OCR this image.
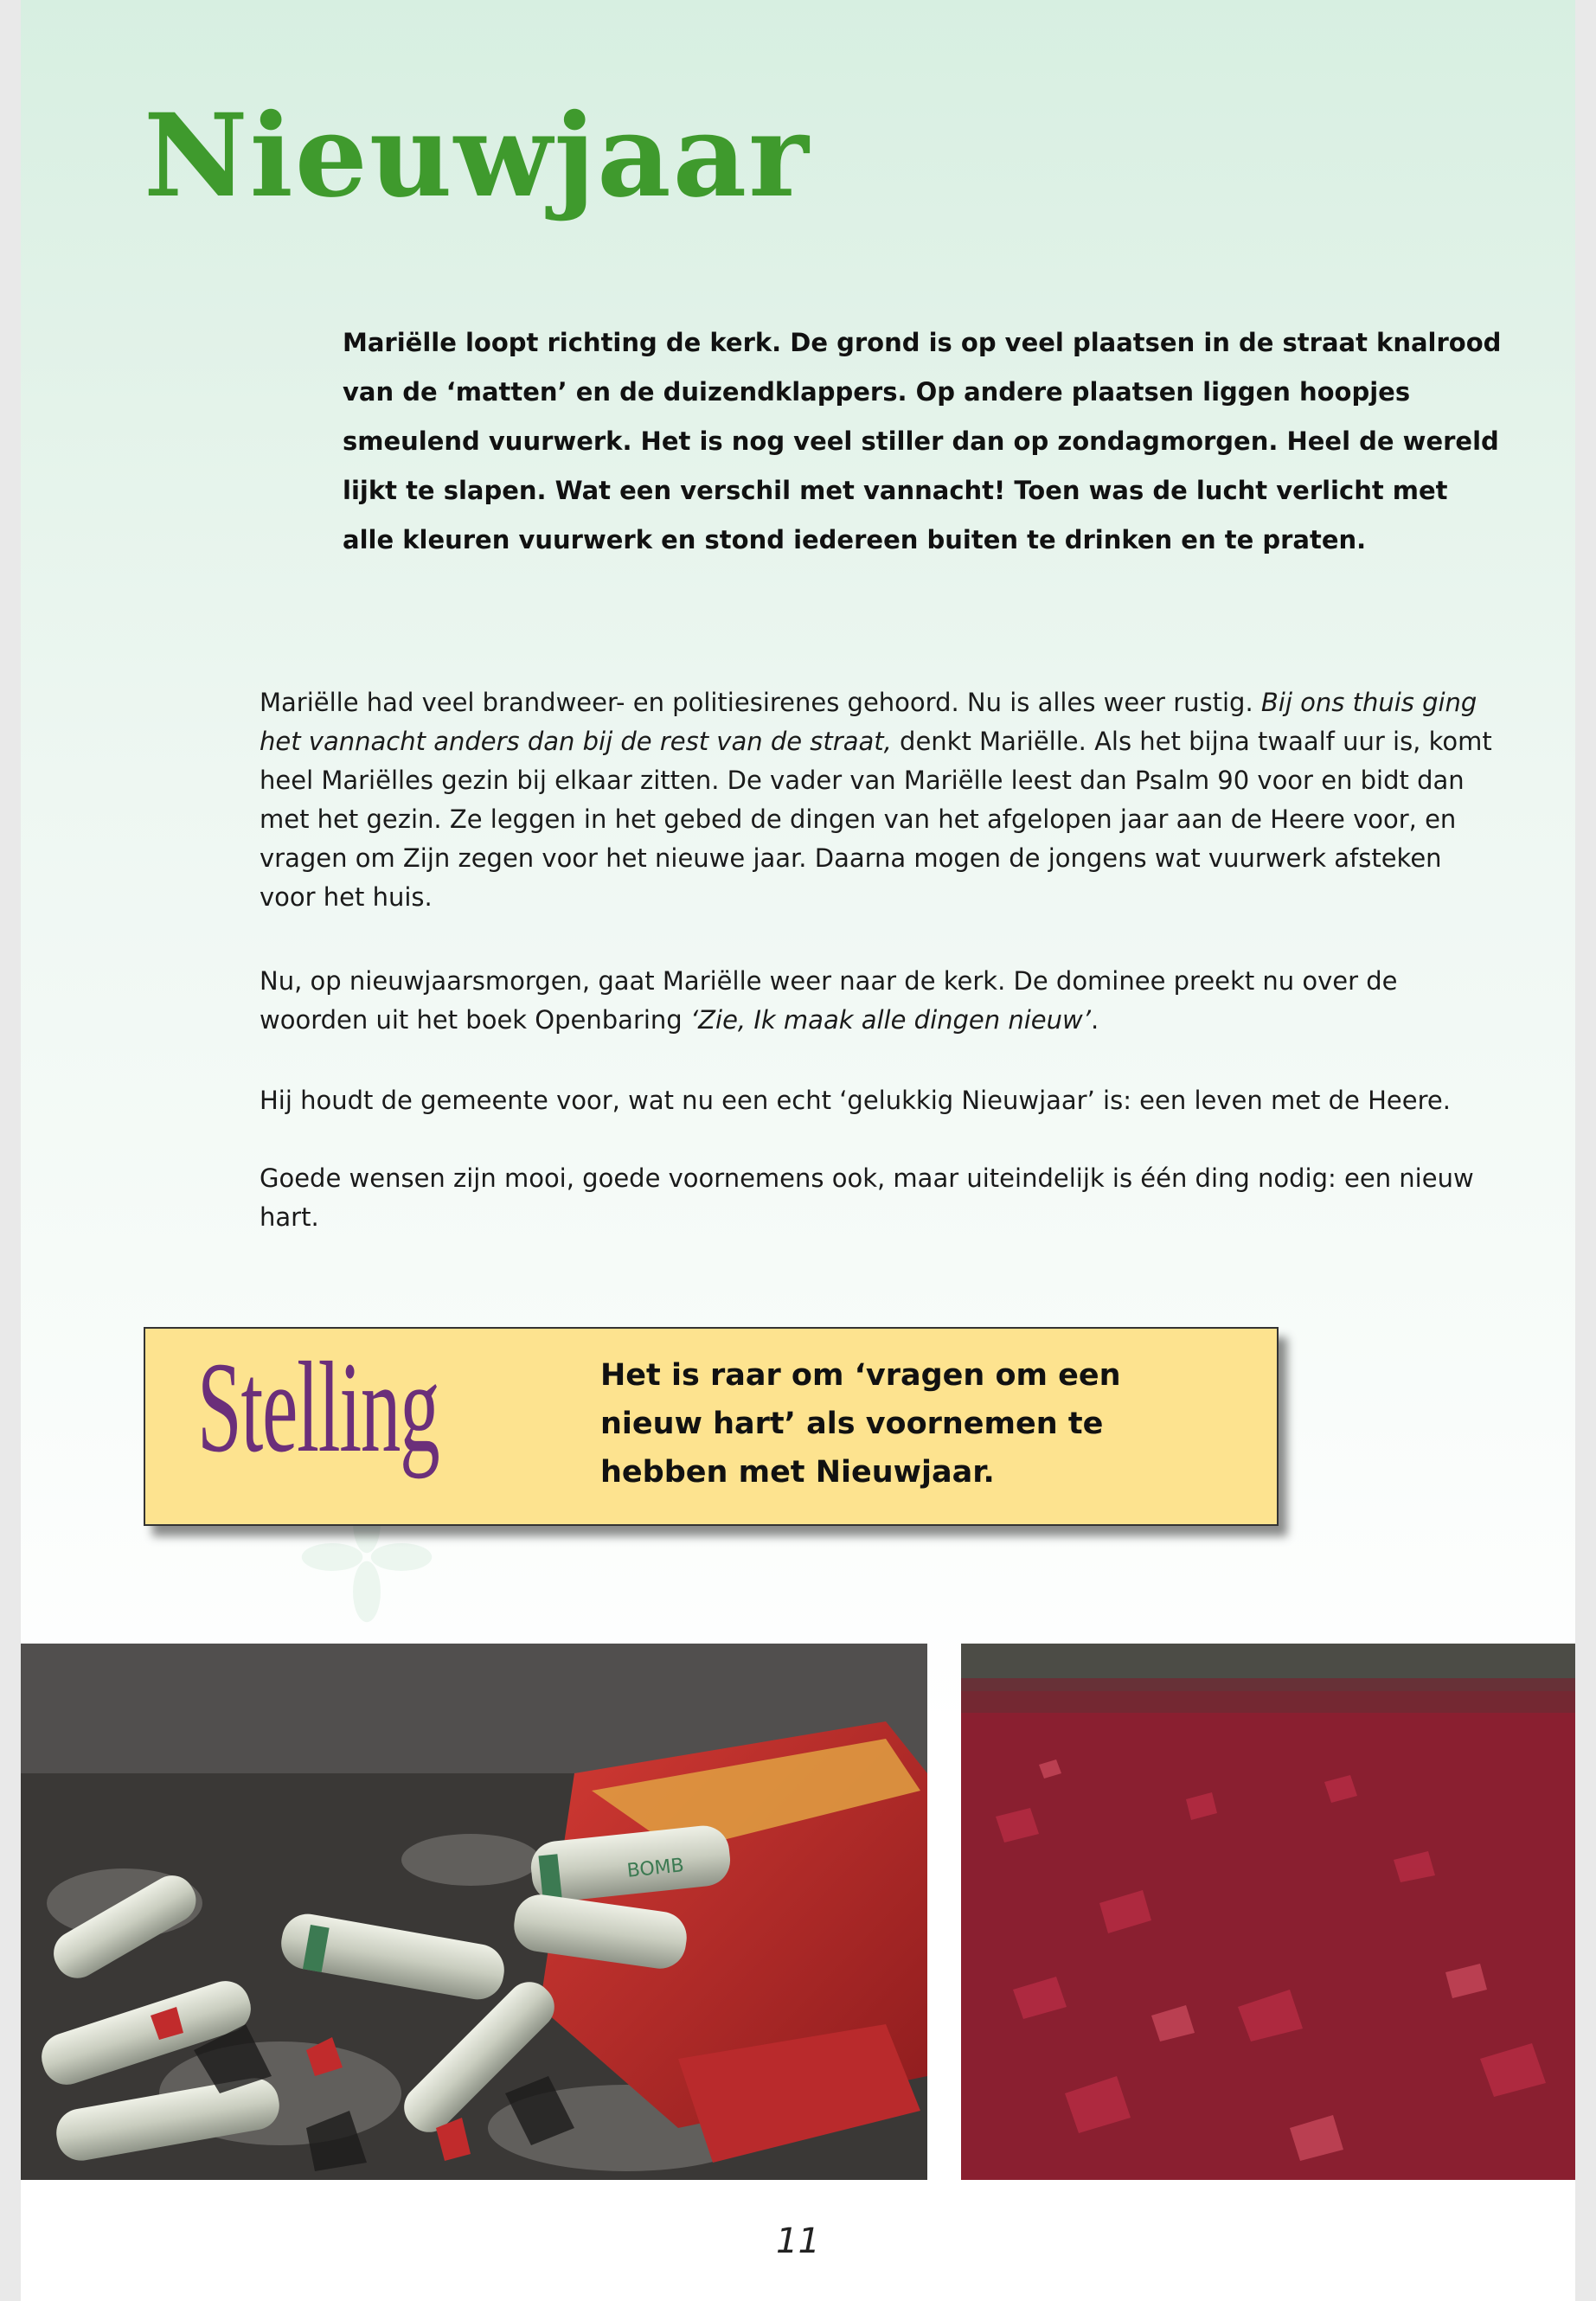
Nieuwjaar

Mariëlle loopt richting de kerk. De grond is op veel plaatsen in de straat knalrood van de ‘matten’ en de duizendklappers. Op andere plaatsen liggen hoopjes smeulend vuurwerk. Het is nog veel stiller dan op zondagmorgen. Heel de wereld lijkt te slapen. Wat een verschil met vannacht! Toen was de lucht verlicht met alle kleuren vuurwerk en stond iedereen buiten te drinken en te praten.

Mariëlle had veel brandweer- en politiesirenes gehoord. Nu is alles weer rustig. Bij ons thuis ging het vannacht anders dan bij de rest van de straat, denkt Mariëlle. Als het bijna twaalf uur is, komt heel Mariëlles gezin bij elkaar zitten. De vader van Mariëlle leest dan Psalm 90 voor en bidt dan met het gezin. Ze leggen in het gebed de dingen van het afgelopen jaar aan de Heere voor, en vragen om Zijn zegen voor het nieuwe jaar. Daarna mogen de jongens wat vuurwerk afsteken voor het huis.

Nu, op nieuwjaarsmorgen, gaat Mariëlle weer naar de kerk. De dominee preekt nu over de woorden uit het boek Openbaring ‘Zie, Ik maak alle dingen nieuw’.

Hij houdt de gemeente voor, wat nu een echt ‘gelukkig Nieuwjaar’ is: een leven met de Heere.

Goede wensen zijn mooi, goede voornemens ook, maar uiteindelijk is één ding nodig: een nieuw hart.

Stelling	Het is raar om ‘vragen om een nieuw hart’ als voornemen te hebben met Nieuwjaar.

BOMB

11
